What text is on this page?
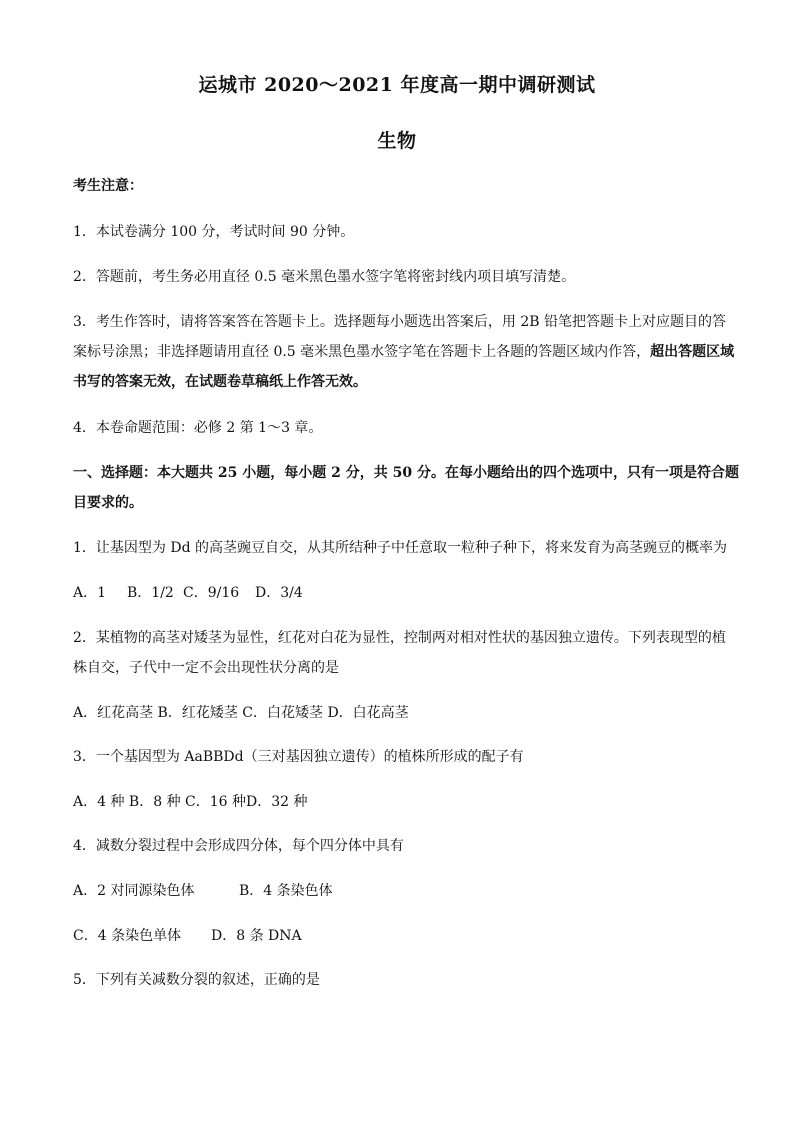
运城市 2020～2021 年度高一期中调研测试
生物
考生注意：
1．本试卷满分 100 分，考试时间 90 分钟。
2．答题前，考生务必用直径 0.5 毫米黑色墨水签字笔将密封线内项目填写清楚。
3．考生作答时，请将答案答在答题卡上。选择题每小题选出答案后，用 2B 铅笔把答题卡上对应题目的答
案标号涂黑；非选择题请用直径 0.5 毫米黑色墨水签字笔在答题卡上各题的答题区域内作答，超出答题区域
书写的答案无效，在试题卷草稿纸上作答无效。
4．本卷命题范围：必修 2 第 1～3 章。
一、选择题：本大题共 25 小题，每小题 2 分，共 50 分。在每小题给出的四个选项中，只有一项是符合题
目要求的。
1．让基因型为 Dd 的高茎豌豆自交，从其所结种子中任意取一粒种子种下，将来发育为高茎豌豆的概率为
A．1 B．1/2 C．9/16 D．3/4
2．某植物的高茎对矮茎为显性，红花对白花为显性，控制两对相对性状的基因独立遗传。下列表现型的植
株自交，子代中一定不会出现性状分离的是
A．红花高茎 B．红花矮茎 C．白花矮茎 D．白花高茎
3．一个基因型为 AaBBDd（三对基因独立遗传）的植株所形成的配子有
A．4 种 B．8 种 C．16 种D．32 种
4．减数分裂过程中会形成四分体，每个四分体中具有
A．2 对同源染色体	B．4 条染色体
C．4 条染色单体 D．8 条 DNA
5．下列有关减数分裂的叙述，正确的是
